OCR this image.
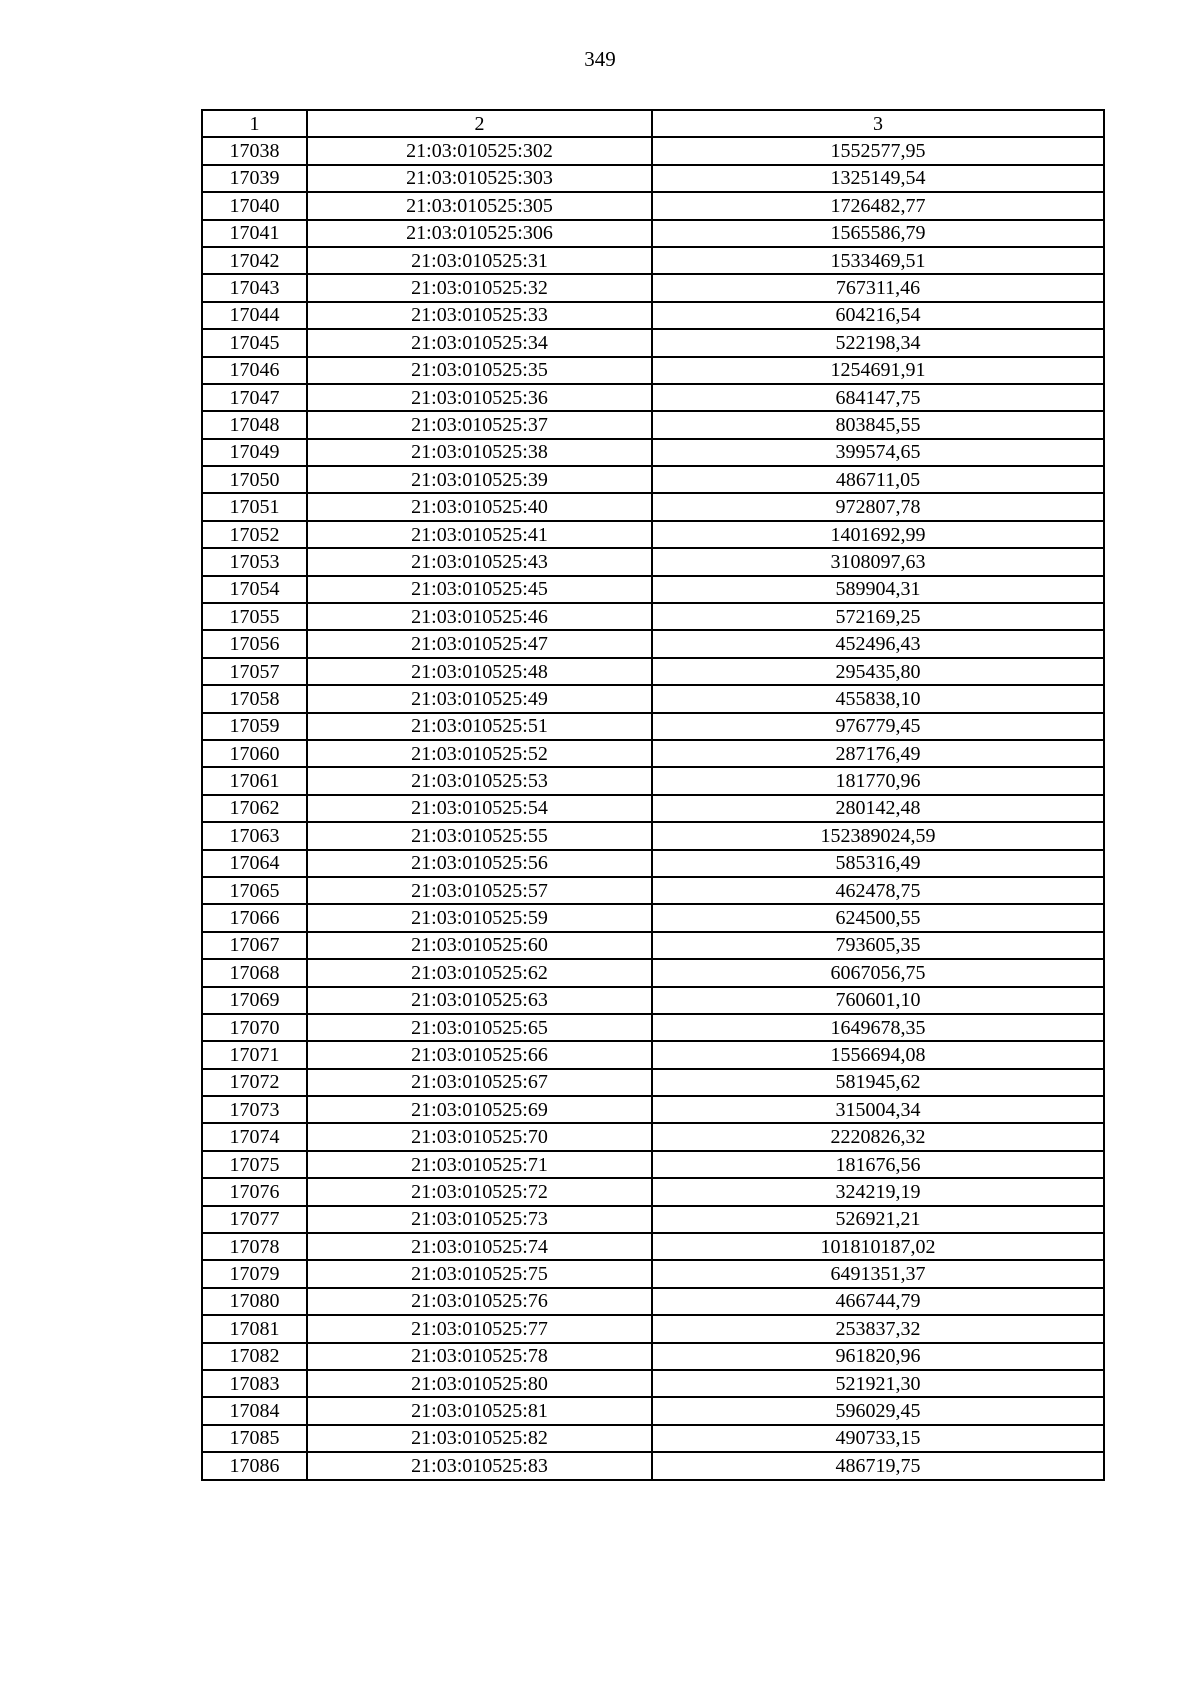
349
1	2	3
17038	21:03:010525:302	1552577,95
17039	21:03:010525:303	1325149,54
17040	21:03:010525:305	1726482,77
17041	21:03:010525:306	1565586,79
17042	21:03:010525:31	1533469,51
17043	21:03:010525:32	767311,46
17044	21:03:010525:33	604216,54
17045	21:03:010525:34	522198,34
17046	21:03:010525:35	1254691,91
17047	21:03:010525:36	684147,75
17048	21:03:010525:37	803845,55
17049	21:03:010525:38	399574,65
17050	21:03:010525:39	486711,05
17051	21:03:010525:40	972807,78
17052	21:03:010525:41	1401692,99
17053	21:03:010525:43	3108097,63
17054	21:03:010525:45	589904,31
17055	21:03:010525:46	572169,25
17056	21:03:010525:47	452496,43
17057	21:03:010525:48	295435,80
17058	21:03:010525:49	455838,10
17059	21:03:010525:51	976779,45
17060	21:03:010525:52	287176,49
17061	21:03:010525:53	181770,96
17062	21:03:010525:54	280142,48
17063	21:03:010525:55	152389024,59
17064	21:03:010525:56	585316,49
17065	21:03:010525:57	462478,75
17066	21:03:010525:59	624500,55
17067	21:03:010525:60	793605,35
17068	21:03:010525:62	6067056,75
17069	21:03:010525:63	760601,10
17070	21:03:010525:65	1649678,35
17071	21:03:010525:66	1556694,08
17072	21:03:010525:67	581945,62
17073	21:03:010525:69	315004,34
17074	21:03:010525:70	2220826,32
17075	21:03:010525:71	181676,56
17076	21:03:010525:72	324219,19
17077	21:03:010525:73	526921,21
17078	21:03:010525:74	101810187,02
17079	21:03:010525:75	6491351,37
17080	21:03:010525:76	466744,79
17081	21:03:010525:77	253837,32
17082	21:03:010525:78	961820,96
17083	21:03:010525:80	521921,30
17084	21:03:010525:81	596029,45
17085	21:03:010525:82	490733,15
17086	21:03:010525:83	486719,75
